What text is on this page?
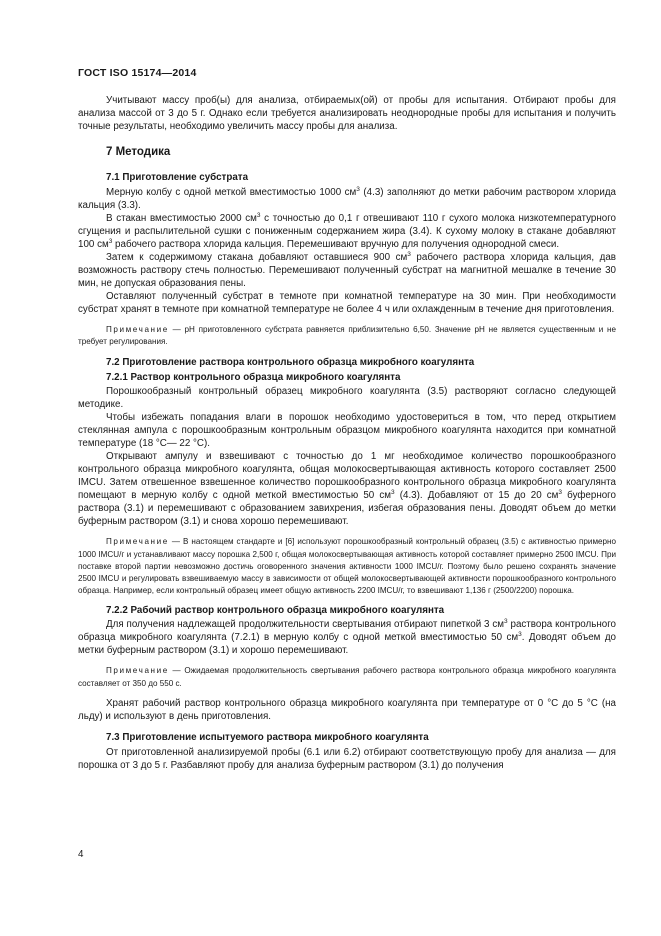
ГОСТ ISO 15174—2014

Учитывают массу проб(ы) для анализа, отбираемых(ой) от пробы для испытания. Отбирают пробы для анализа массой от 3 до 5 г. Однако если требуется анализировать неоднородные пробы для испытания и получить точные результаты, необходимо увеличить массу пробы для анализа.

7 Методика
7.1 Приготовление субстрата

Мерную колбу с одной меткой вместимостью 1000 $см^3$ (4.3) заполняют до метки рабочим раствором хлорида кальция (3.3).

В стакан вместимостью 2000 $см^3$ с точностью до 0,1 г отвешивают 110 г сухого молока низкотемпературного сгущения и распылительной сушки с пониженным содержанием жира (3.4). К сухому молоку в стакане добавляют 100 $см^3$ рабочего раствора хлорида кальция. Перемешивают вручную для получения однородной смеси.

Затем к содержимому стакана добавляют оставшиеся 900 $см^3$ рабочего раствора хлорида кальция, дав возможность раствору стечь полностью. Перемешивают полученный субстрат на магнитной мешалке в течение 30 мин, не допуская образования пены.

Оставляют полученный субстрат в темноте при комнатной температуре на 30 мин. При необходимости субстрат хранят в темноте при комнатной температуре не более 4 ч или охлажденным в течение дня приготовления.

Примечание — pH приготовленного субстрата равняется приблизительно 6,50. Значение pH не является существенным и не требует регулирования.
7.2 Приготовление раствора контрольного образца микробного коагулянта
7.2.1 Раствор контрольного образца микробного коагулянта

Порошкообразный контрольный образец микробного коагулянта (3.5) растворяют согласно следующей методике.

Чтобы избежать попадания влаги в порошок необходимо удостовериться в том, что перед открытием стеклянная ампула с порошкообразным контрольным образцом микробного коагулянта находится при комнатной температуре (18 °С— 22 °С).

Открывают ампулу и взвешивают с точностью до 1 мг необходимое количество порошкообразного контрольного образца микробного коагулянта, общая молокосвертывающая активность которого составляет 2500 IMCU. Затем отвешенное взвешенное количество порошкообразного контрольного образца микробного коагулянта помещают в мерную колбу с одной меткой вместимостью 50 $см^3$ (4.3). Добавляют от 15 до 20 $см^3$ буферного раствора (3.1) и перемешивают с образованием завихрения, избегая образования пены. Доводят объем до метки буферным раствором (3.1) и снова хорошо перемешивают.

Примечание — В настоящем стандарте и [6] используют порошкообразный контрольный образец (3.5) с активностью примерно 1000 IMCU/г и устанавливают массу порошка 2,500 г, общая молокосвертывающая активность которой составляет примерно 2500 IMCU. При поставке второй партии невозможно достичь оговоренного значения активности 1000 IMCU/г. Поэтому было решено сохранять значение 2500 IMCU и регулировать взвешиваемую массу в зависимости от общей молокосвертывающей активности порошкообразного контрольного образца. Например, если контрольный образец имеет общую активность 2200 IMCU/г, то взвешивают 1,136 г (2500/2200) порошка.
7.2.2 Рабочий раствор контрольного образца микробного коагулянта

Для получения надлежащей продолжительности свертывания отбирают пипеткой 3 $см^3$ раствора контрольного образца микробного коагулянта (7.2.1) в мерную колбу с одной меткой вместимостью 50 $см^3$. Доводят объем до метки буферным раствором (3.1) и хорошо перемешивают.

Примечание — Ожидаемая продолжительность свертывания рабочего раствора контрольного образца микробного коагулянта составляет от 350 до 550 с.

Хранят рабочий раствор контрольного образца микробного коагулянта при температуре от 0 °С до 5 °С (на льду) и используют в день приготовления.

7.3 Приготовление испытуемого раствора микробного коагулянта

От приготовленной анализируемой пробы (6.1 или 6.2) отбирают соответствующую пробу для анализа — для порошка от 3 до 5 г. Разбавляют пробу для анализа буферным раствором (3.1) до получения

4
